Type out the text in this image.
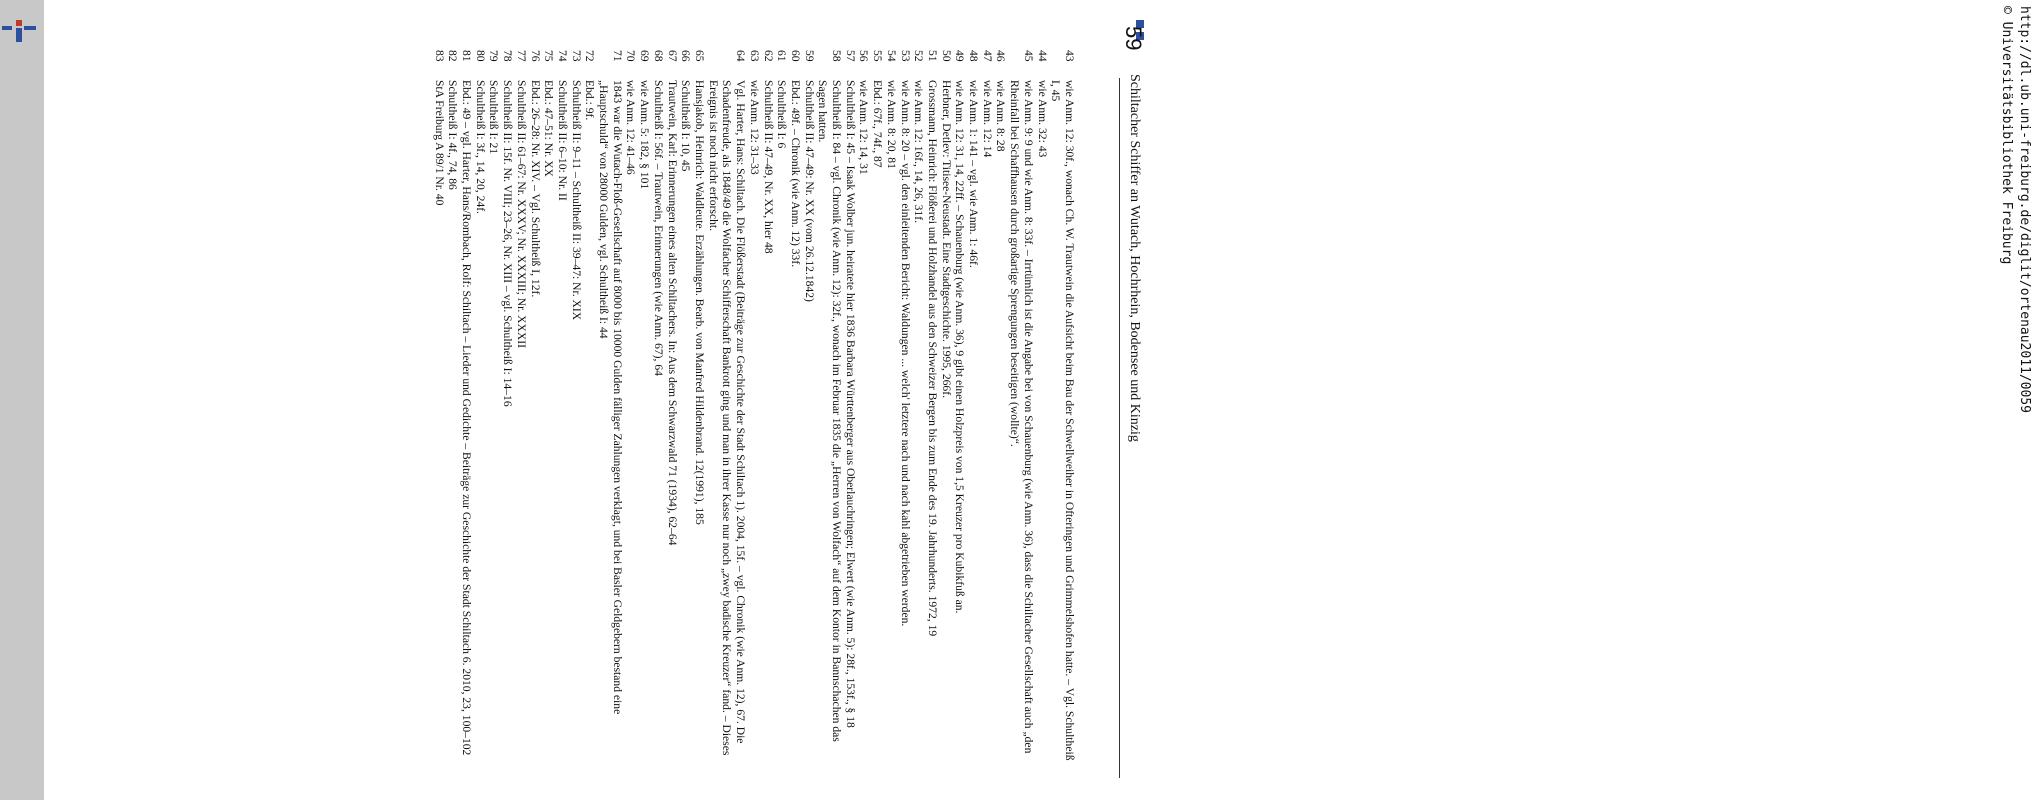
59
Schiltacher Schiffer an Wutach, Hochrhein, Bodensee und Kinzig
43
wie Anm. 12: 30f., wonach Ch. W. Trautwein die Aufsicht beim Bau der Schwellweiher in Ofteringen und Grimmelshofen hatte. – Vgl. Schultheiß I, 45
44
wie Anm. 32: 43
45
wie Anm. 9: 9 und wie Anm. 8: 33f. – Irrtümlich ist die Angabe bei von Schauenburg (wie Anm. 36), dass die Schiltacher Gesellschaft auch „den Rheinfall bei Schaffhausen durch großartige Sprengungen beseitigen (wollte)“.
46
wie Anm. 8: 28
47
wie Anm. 12: 14
48
wie Anm. 1: 141 – vgl. wie Anm. 1: 46f.
49
wie Anm. 12: 31, 14, 22ff. – Schauenburg (wie Anm. 36), 9 gibt einen Holzpreis von 1,5 Kreuzer pro Kubikfuß an.
50
Herbner, Detlev: Titisee-Neustadt. Eine Stadtgeschichte. 1995, 266f.
51
Grossmann, Heinrich: Flößerei und Holzhandel aus den Schweizer Bergen bis zum Ende des 19. Jahrhunderts. 1972, 19
52
wie Anm. 12: 16f., 14, 26, 31f.
53
wie Anm. 8: 20 – vgl. den einleitenden Bericht: Waldungen ... welch' letztere nach und nach kahl abgetrieben werden.
54
wie Anm. 8: 20, 81
55
Ebd.: 67f., 74f., 87
56
wie Anm. 12: 14, 31
57
Schultheiß I: 45 – Isaak Wolber jun. heiratete hier 1836 Barbara Württenberger aus Oberlauchringen; Elwert (wie Anm. 5): 28f., 153f., § 18
58
Schultheiß I: 84 – vgl. Chronik (wie Anm. 12): 32f., wonach im Februar 1835 die „Herren von Wolfach“ auf dem Kontor in Bannschachen das Sagen hatten.
59
Schultheiß II: 47–49: Nr. XX (vom 26.12.1842)
60
Ebd.: 49f. – Chronik (wie Anm. 12) 33f.
61
Schultheiß I: 6
62
Schultheiß II: 47–49, Nr. XX, hier 48
63
wie Anm. 12: 31–33
64
Vgl. Harter, Hans: Schiltach. Die Flößerstadt (Beiträge zur Geschichte der Stadt Schiltach 1). 2004, 15f. – vgl. Chronik (wie Anm. 12), 67. Die Schadenfreude, als 1848/49 die Wolfacher Schifferschaft Bankrott ging und man in ihrer Kasse nur noch „zwey badische Kreuzer“ fand. – Dieses Ereignis ist noch nicht erforscht.
65
Hansjakob, Heinrich: Waldleute. Erzählungen. Bearb. von Manfred Hildenbrand. 12(1991), 185
66
Schultheiß I: 10, 45
67
Trautwein, Karl: Erinnerungen eines alten Schiltachers. In: Aus dem Schwarzwald 71 (1934), 62–64
68
Schultheiß I: 56f. – Trautwein, Erinnerungen (wie Anm. 67), 64
69
wie Anm. 5: 182, § 101
70
wie Anm. 12: 41–46
71
1843 war die Wutach-Floß-Gesellschaft auf 8000 bis 10000 Gulden fälliger Zahlungen verklagt, und bei Basler Geldgebern bestand eine „Hauptschuld“ von 28000 Gulden, vgl. Schultheiß I: 44
72
Ebd.: 9f.
73
Schultheiß II: 9–11 – Schultheiß II: 39–47: Nr. XIX
74
Schultheiß II: 6–10: Nr. II
75
Ebd.: 47–51: Nr. XX
76
Ebd.: 26–28: Nr. XIV. – Vgl. Schultheiß I, 12f.
77
Schultheiß II: 61–67: Nr. XXXV; Nr. XXXIII; Nr. XXXII
78
Schultheiß II: 15f. Nr. VIII; 23–26, Nr. XIII – vgl. Schultheiß I: 14–16
79
Schultheiß I: 21
80
Schultheiß I: 3f., 14, 20, 24f.
81
Ebd.: 49 – vgl. Harter, Hans/Rombach, Rolf: Schiltach – Lieder und Gedichte – Beiträge zur Geschichte der Stadt Schiltach 6. 2010, 23, 100–102
82
Schultheiß I: 4f., 74, 86
83
StA Freiburg A 89/1 Nr. 40	http://dl.ub.uni-freiburg.de/diglit/ortenau2011/0059
© Universitätsbibliothek Freiburg
